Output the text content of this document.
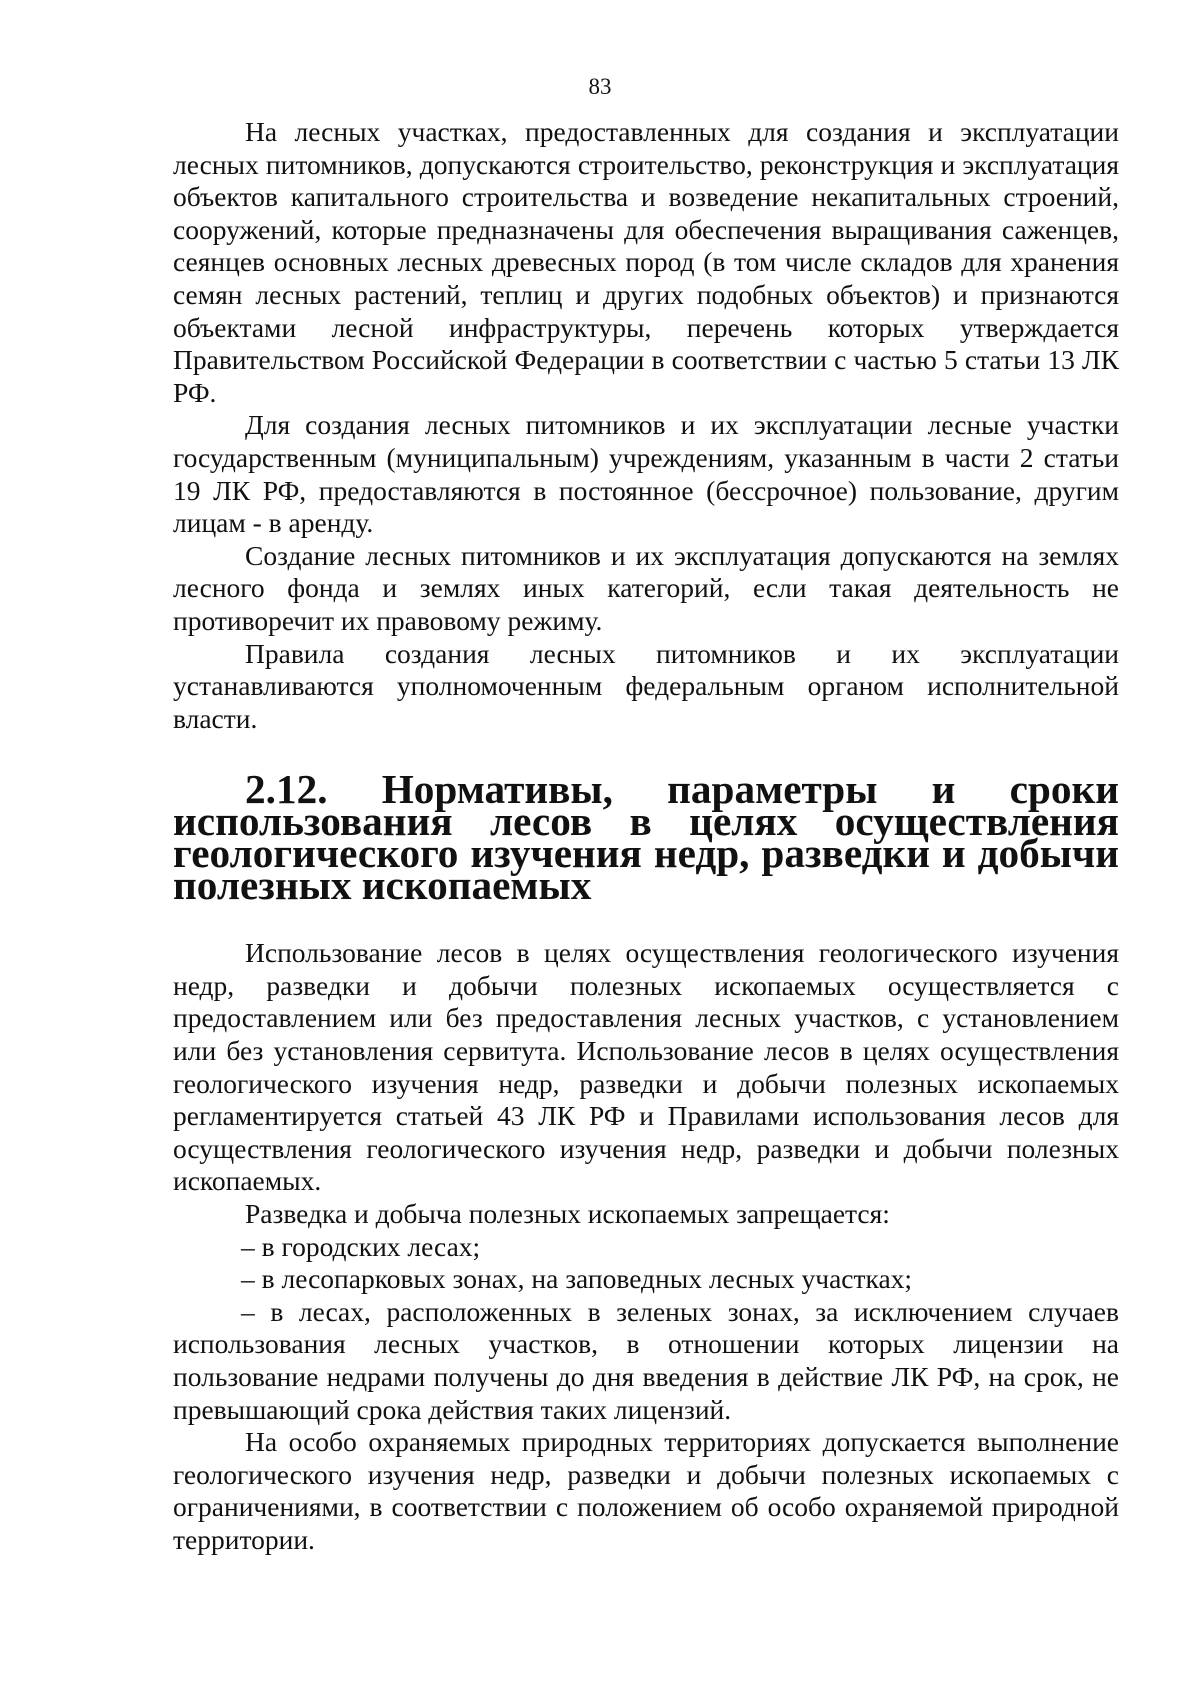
83

На лесных участках, предоставленных для создания и эксплуатации лесных питомников, допускаются строительство, реконструкция и эксплуатация объектов капитального строительства и возведение некапитальных строений, сооружений, которые предназначены для обеспечения выращивания саженцев, сеянцев основных лесных древесных пород (в том числе складов для хранения семян лесных растений, теплиц и других подобных объектов) и признаются объектами лесной инфраструктуры, перечень которых утверждается Правительством Российской Федерации в соответствии с частью 5 статьи 13 ЛК РФ.

Для создания лесных питомников и их эксплуатации лесные участки государственным (муниципальным) учреждениям, указанным в части 2 статьи 19 ЛК РФ, предоставляются в постоянное (бессрочное) пользование, другим лицам - в аренду.

Создание лесных питомников и их эксплуатация допускаются на землях лесного фонда и землях иных категорий, если такая деятельность не противоречит их правовому режиму.

Правила создания лесных питомников и их эксплуатации устанавливаются уполномоченным федеральным органом исполнительной власти.

2.12. Нормативы, параметры и сроки использования лесов в целях осуществления геологического изучения недр, разведки и добычи полезных ископаемых

Использование лесов в целях осуществления геологического изучения недр, разведки и добычи полезных ископаемых осуществляется с предоставлением или без предоставления лесных участков, с установлением или без установления сервитута. Использование лесов в целях осуществления геологического изучения недр, разведки и добычи полезных ископаемых регламентируется статьей 43 ЛК РФ и Правилами использования лесов для осуществления геологического изучения недр, разведки и добычи полезных ископаемых.

Разведка и добыча полезных ископаемых запрещается:

– в городских лесах;

– в лесопарковых зонах, на заповедных лесных участках;

– в лесах, расположенных в зеленых зонах, за исключением случаев использования лесных участков, в отношении которых лицензии на пользование недрами получены до дня введения в действие ЛК РФ, на срок, не превышающий срока действия таких лицензий.

На особо охраняемых природных территориях допускается выполнение геологического изучения недр, разведки и добычи полезных ископаемых с ограничениями, в соответствии с положением об особо охраняемой природной территории.
